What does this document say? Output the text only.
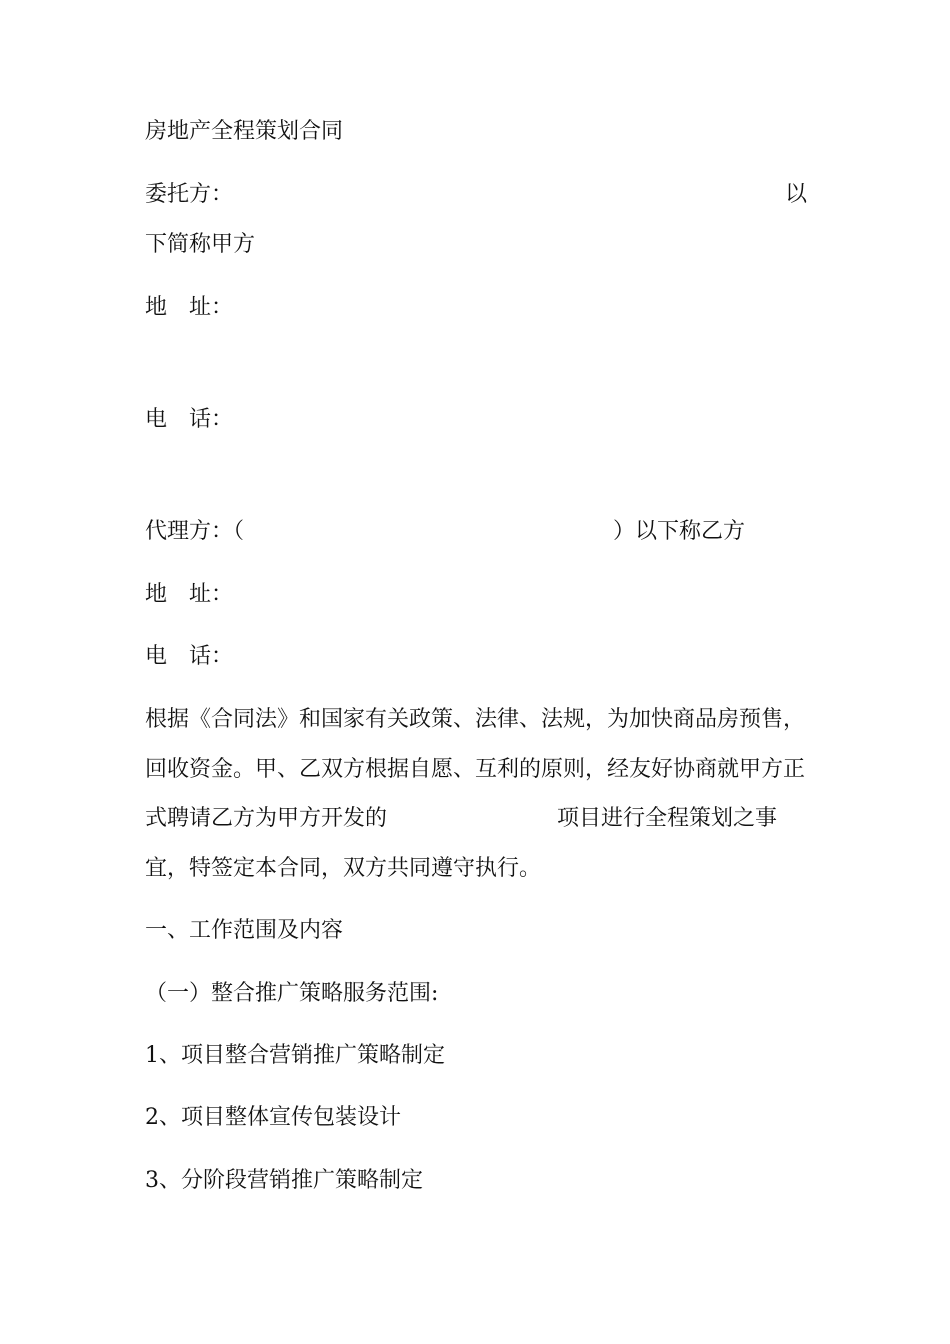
房地产全程策划合同
委托方：	以
下简称甲方
地　址：
电　话：
代理方：（	）以下称乙方
地　址：
电　话：
根据《合同法》和国家有关政策、法律、法规，为加快商品房预售，
回收资金。甲、乙双方根据自愿、互利的原则，经友好协商就甲方正
式聘请乙方为甲方开发的	项目进行全程策划之事
宜，特签定本合同，双方共同遵守执行。
一、工作范围及内容
（一）整合推广策略服务范围:
1、项目整合营销推广策略制定
2、项目整体宣传包装设计
3、分阶段营销推广策略制定
